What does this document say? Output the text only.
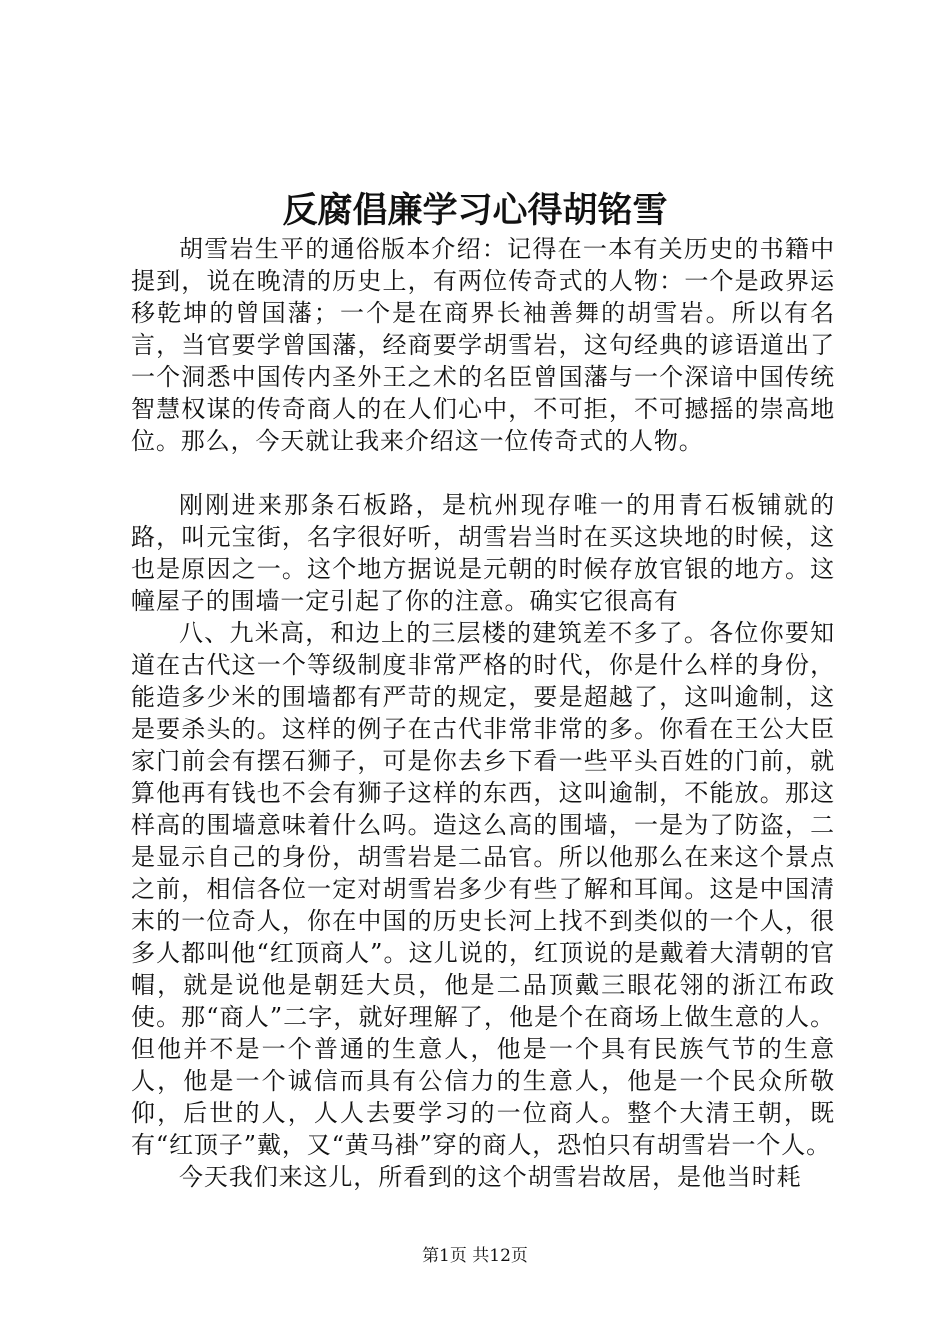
反腐倡廉学习心得胡铭雪

胡雪岩生平的通俗版本介绍：记得在一本有关历史的书籍中提到，说在晚清的历史上，有两位传奇式的人物：一个是政界运移乾坤的曾国藩；一个是在商界长袖善舞的胡雪岩。所以有名言，当官要学曾国藩，经商要学胡雪岩，这句经典的谚语道出了一个洞悉中国传内圣外王之术的名臣曾国藩与一个深谙中国传统智慧权谋的传奇商人的在人们心中，不可拒，不可撼摇的崇高地位。那么，今天就让我来介绍这一位传奇式的人物。

刚刚进来那条石板路，是杭州现存唯一的用青石板铺就的路，叫元宝街，名字很好听，胡雪岩当时在买这块地的时候，这也是原因之一。这个地方据说是元朝的时候存放官银的地方。这幢屋子的围墙一定引起了你的注意。确实它很高有

八、九米高，和边上的三层楼的建筑差不多了。各位你要知道在古代这一个等级制度非常严格的时代，你是什么样的身份，能造多少米的围墙都有严苛的规定，要是超越了，这叫逾制，这是要杀头的。这样的例子在古代非常非常的多。你看在王公大臣家门前会有摆石狮子，可是你去乡下看一些平头百姓的门前，就算他再有钱也不会有狮子这样的东西，这叫逾制，不能放。那这样高的围墙意味着什么吗。造这么高的围墙，一是为了防盗，二是显示自己的身份，胡雪岩是二品官。所以他那么在来这个景点之前，相信各位一定对胡雪岩多少有些了解和耳闻。这是中国清末的一位奇人，你在中国的历史长河上找不到类似的一个人，很多人都叫他“红顶商人”。这儿说的，红顶说的是戴着大清朝的官帽，就是说他是朝廷大员，他是二品顶戴三眼花翎的浙江布政使。那“商人”二字，就好理解了，他是个在商场上做生意的人。但他并不是一个普通的生意人，他是一个具有民族气节的生意人，他是一个诚信而具有公信力的生意人，他是一个民众所敬仰，后世的人，人人去要学习的一位商人。整个大清王朝，既有“红顶子”戴，又“黄马褂”穿的商人，恐怕只有胡雪岩一个人。

今天我们来这儿，所看到的这个胡雪岩故居，是他当时耗

第1页 共12页
